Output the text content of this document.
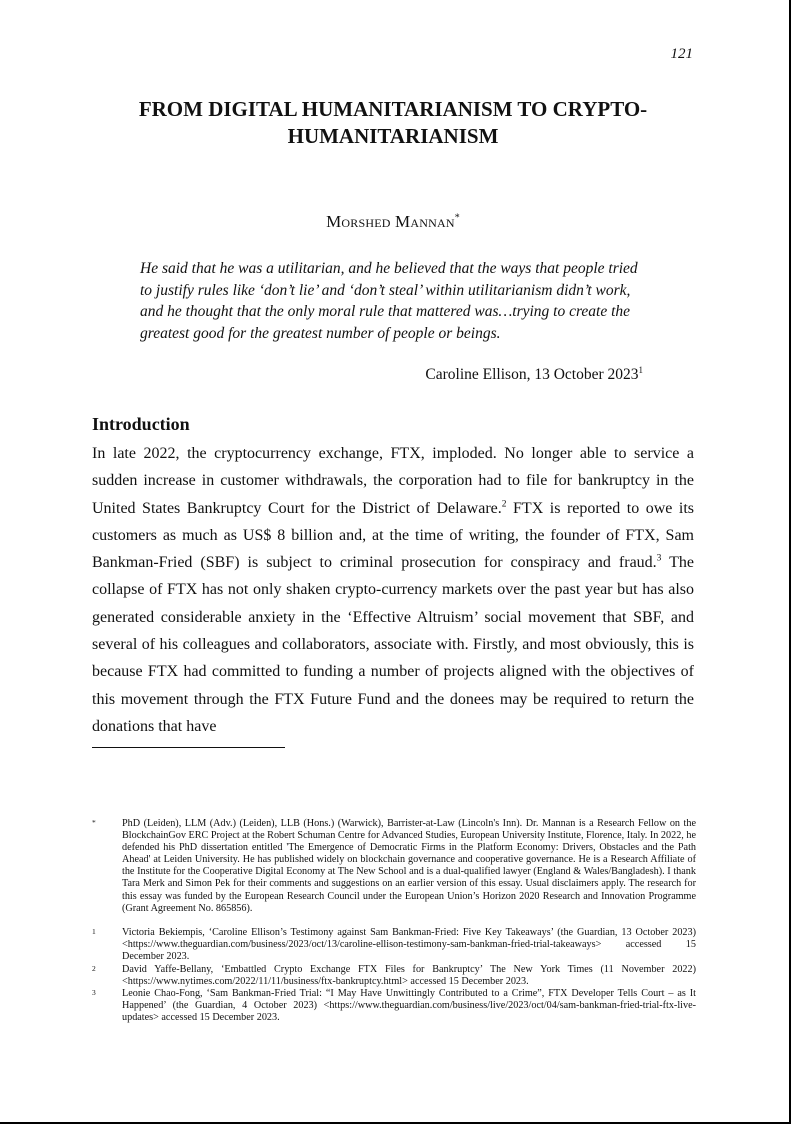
121
FROM DIGITAL HUMANITARIANISM TO CRYPTO-HUMANITARIANISM
Morshed Mannan*

He said that he was a utilitarian, and he believed that the ways that people tried to justify rules like ‘don’t lie’ and ‘don’t steal’ within utilitarianism didn’t work, and he thought that the only moral rule that mattered was…trying to create the greatest good for the greatest number of people or beings.

Caroline Ellison, 13 October 2023$^1$
Introduction

In late 2022, the cryptocurrency exchange, FTX, imploded. No longer able to service a sudden increase in customer withdrawals, the corporation had to file for bankruptcy in the United States Bankruptcy Court for the District of Delaware.$^2$ FTX is reported to owe its customers as much as US$ 8 billion and, at the time of writing, the founder of FTX, Sam Bankman-Fried (SBF) is subject to criminal prosecution for conspiracy and fraud.$^3$ The collapse of FTX has not only shaken crypto-currency markets over the past year but has also generated considerable anxiety in the ‘Effective Altruism’ social movement that SBF, and several of his colleagues and collaborators, associate with. Firstly, and most obviously, this is because FTX had committed to funding a number of projects aligned with the objectives of this movement through the FTX Future Fund and the donees may be required to return the donations that have

*	PhD (Leiden), LLM (Adv.) (Leiden), LLB (Hons.) (Warwick), Barrister-at-Law (Lincoln's Inn). Dr. Mannan is a Research Fellow on the BlockchainGov ERC Project at the Robert Schuman Centre for Advanced Studies, European University Institute, Florence, Italy. In 2022, he defended his PhD dissertation entitled 'The Emergence of Democratic Firms in the Platform Economy: Drivers, Obstacles and the Path Ahead' at Leiden University. He has published widely on blockchain governance and cooperative governance. He is a Research Affiliate of the Institute for the Cooperative Digital Economy at The New School and is a dual-qualified lawyer (England & Wales/Bangladesh). I thank Tara Merk and Simon Pek for their comments and suggestions on an earlier version of this essay. Usual disclaimers apply. The research for this essay was funded by the European Research Council under the European Union’s Horizon 2020 Research and Innovation Programme (Grant Agreement No. 865856).
1	Victoria Bekiempis, ‘Caroline Ellison’s Testimony against Sam Bankman-Fried: Five Key Takeaways’ (the Guardian, 13 October 2023) <https://www.theguardian.com/business/2023/oct/13/caroline-ellison-testimony-sam-bankman-fried-trial-takeaways> accessed 15 December 2023.
2	David Yaffe-Bellany, ‘Embattled Crypto Exchange FTX Files for Bankruptcy’ The New York Times (11 November 2022) <https://www.nytimes.com/2022/11/11/business/ftx-bankruptcy.html> accessed 15 December 2023.
3	Leonie Chao-Fong, ‘Sam Bankman-Fried Trial: “I May Have Unwittingly Contributed to a Crime”, FTX Developer Tells Court – as It Happened’ (the Guardian, 4 October 2023) <https://www.theguardian.com/business/live/2023/oct/04/sam-bankman-fried-trial-ftx-live-updates> accessed 15 December 2023.
